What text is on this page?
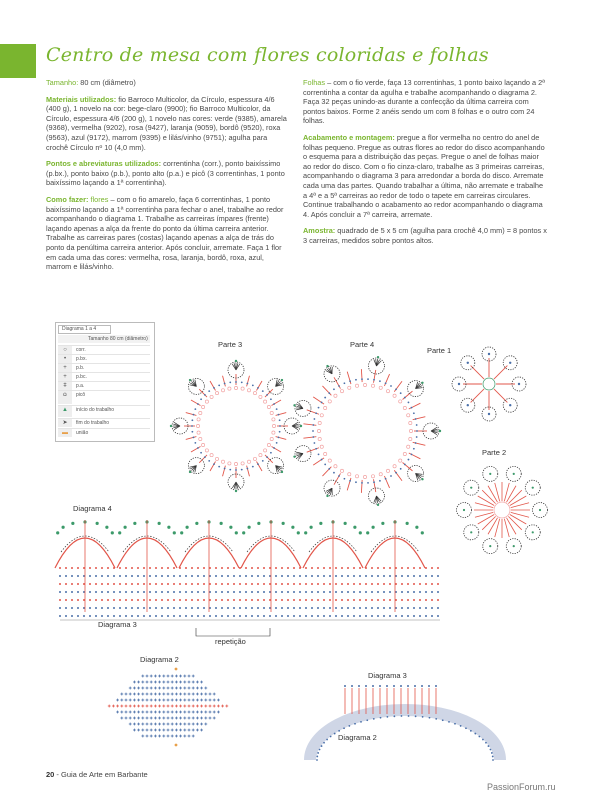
Centro de mesa com flores coloridas e folhas

Tamanho: 80 cm (diâmetro)

Materiais utilizados: fio Barroco Multicolor, da Círculo, espessura 4/6 (400 g), 1 novelo na cor: bege-claro (9900); fio Barroco Multicolor, da Círculo, espessura 4/6 (200 g), 1 novelo nas cores: verde (9385), amarela (9368), vermelha (9202), rosa (9427), laranja (9059), bordô (9520), roxa (9563), azul (9172), marrom (9395) e lilás/vinho (9751); agulha para crochê Círculo nº 10 (4,0 mm).

Pontos e abreviaturas utilizados: correntinha (corr.), ponto baixíssimo (p.bx.), ponto baixo (p.b.), ponto alto (p.a.) e picô (3 correntinhas, 1 ponto baixíssimo laçando a 1ª correntinha).

Como fazer: flores – com o fio amarelo, faça 6 correntinhas, 1 ponto baixíssimo laçando a 1ª correntinha para fechar o anel, trabalhe ao redor acompanhando o diagrama 1. Trabalhe as carreiras ímpares (frente) laçando apenas a alça da frente do ponto da última carreira anterior. Trabalhe as carreiras pares (costas) laçando apenas a alça de trás do ponto da penúltima carreira anterior. Após concluir, arremate. Faça 1 flor em cada uma das cores: vermelha, rosa, laranja, bordô, roxa, azul, marrom e lilás/vinho.

Folhas – com o fio verde, faça 13 correntinhas, 1 ponto baixo laçando a 2ª correntinha a contar da agulha e trabalhe acompanhando o diagrama 2. Faça 32 peças unindo-as durante a confecção da última carreira com pontos baixos. Forme 2 anéis sendo um com 8 folhas e o outro com 24 folhas.

Acabamento e montagem: pregue a flor vermelha no centro do anel de folhas pequeno. Pregue as outras flores ao redor do disco acompanhando o esquema para a distribuição das peças. Pregue o anel de folhas maior ao redor do disco. Com o fio cinza-claro, trabalhe as 3 primeiras carreiras, acompanhando o diagrama 3 para arredondar a borda do disco. Arremate cada uma das partes. Quando trabalhar a última, não arremate e trabalhe a 4ª e a 5ª carreiras ao redor de todo o tapete em carreiras circulares. Continue trabalhando o acabamento ao redor acompanhando o diagrama 4. Após concluir a 7ª carreira, arremate.

Amostra: quadrado de 5 x 5 cm (agulha para crochê 4,0 mm) = 8 pontos x 3 carreiras, medidos sobre pontos altos.

Diagrama 1 a 4
Tamanho 80 cm (diâmetro)
○	corr.
•	p.bx.
+	p.b.
+	p.bc.
ǂ	p.a.
ꭥ	picô
▲	início do trabalho
➤	fim do trabalho
▬	união
Parte 3	Parte 4
Parte 1
Parte 2
Diagrama 4
Diagrama 3
repetição
Diagrama 2
Diagrama 3
Diagrama 2
20 - Guia de Arte em Barbante
PassionForum.ru
